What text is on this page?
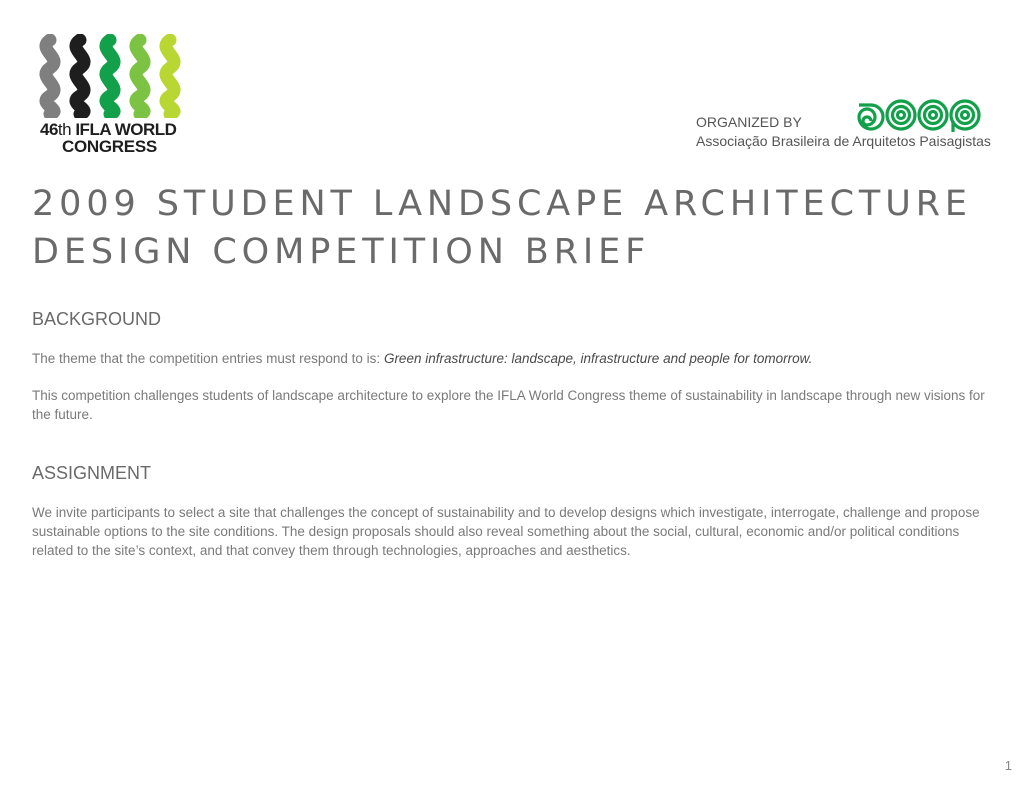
46th IFLA WORLD
CONGRESS
ORGANIZED BY
Associação Brasileira de Arquitetos Paisagistas
2009 STUDENT LANDSCAPE ARCHITECTURE
DESIGN COMPETITION BRIEF
BACKGROUND

The theme that the competition entries must respond to is: Green infrastructure: landscape, infrastructure and people for tomorrow.

This competition challenges students of landscape architecture to explore the IFLA World Congress theme of sustainability in landscape through new visions for the future.

ASSIGNMENT

We invite participants to select a site that challenges the concept of sustainability and to develop designs which investigate, interrogate, challenge and propose sustainable options to the site conditions. The design proposals should also reveal something about the social, cultural, economic and/or political conditions related to the site’s context, and that convey them through technologies, approaches and aesthetics.

1
